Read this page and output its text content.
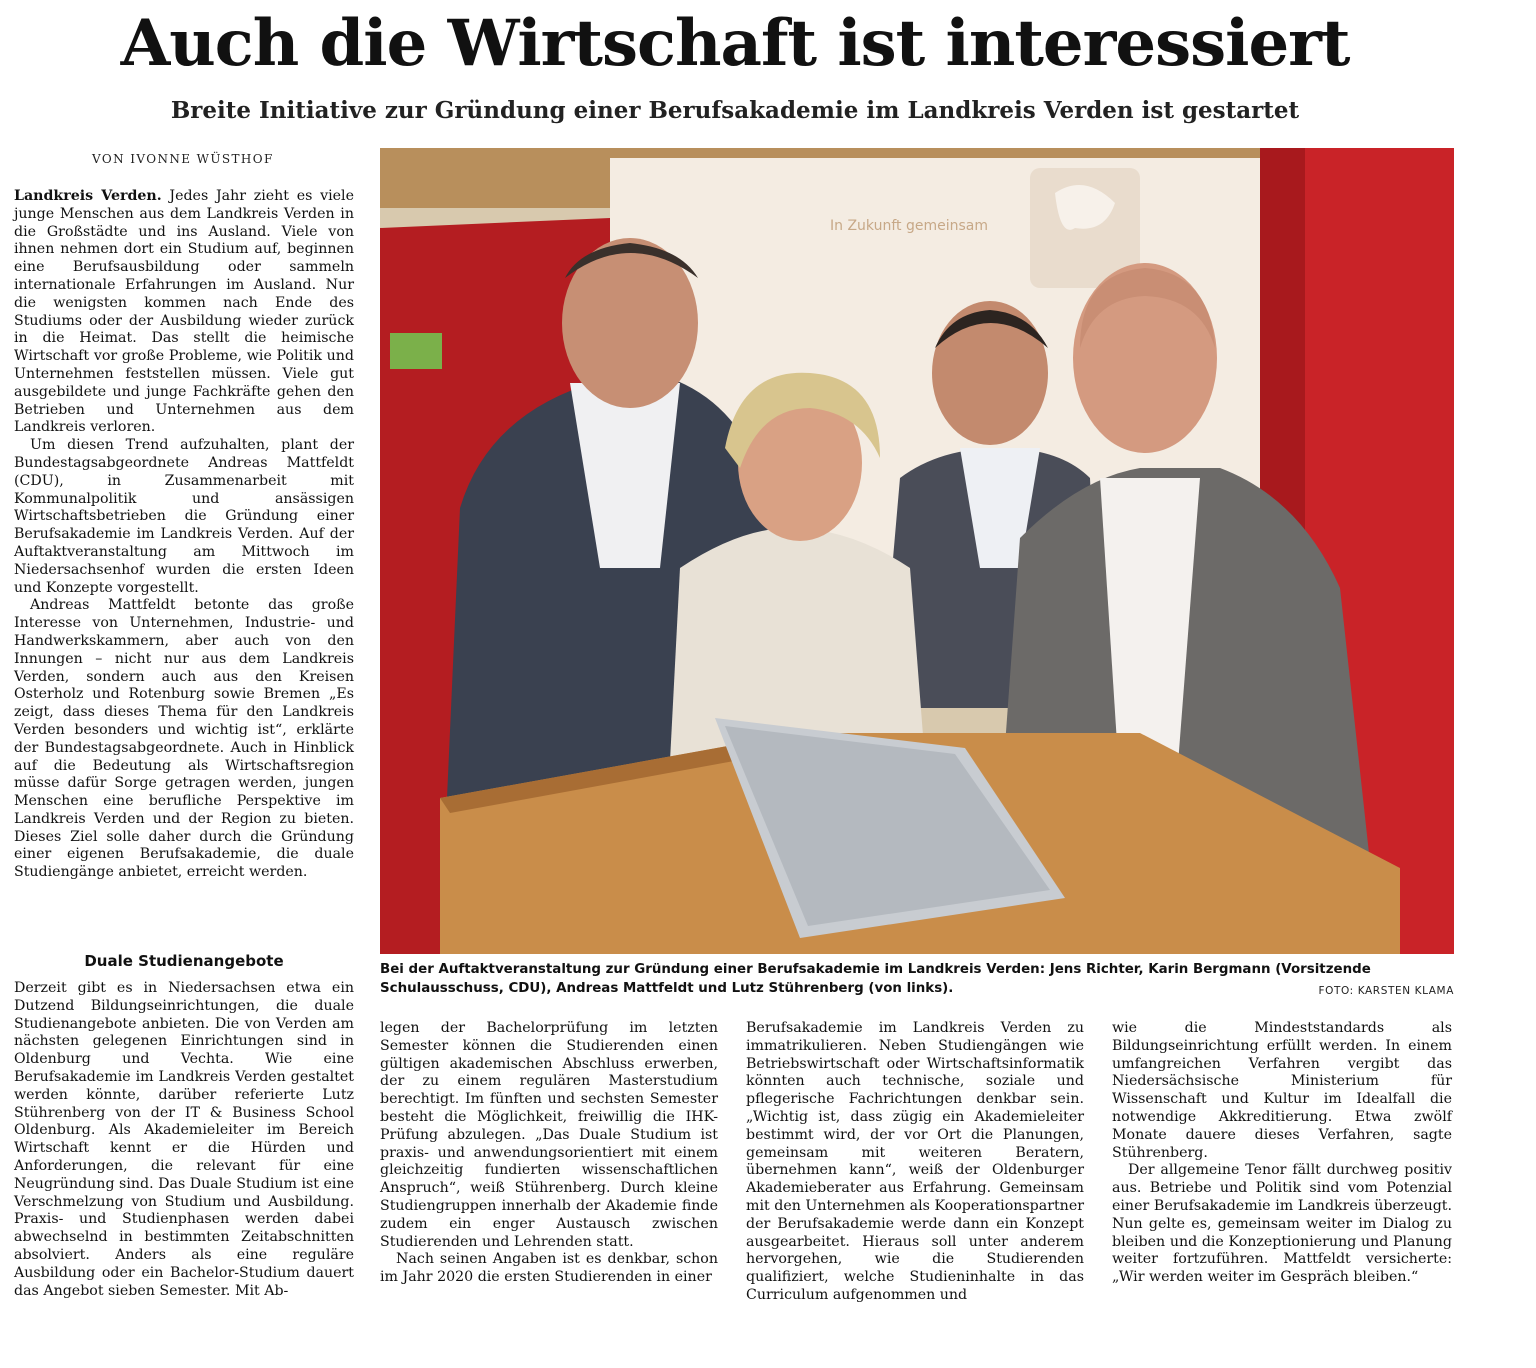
Auch die Wirtschaft ist interessiert
Breite Initiative zur Gründung einer Berufsakademie im Landkreis Verden ist gestartet
VON IVONNE WÜSTHOF

Landkreis Verden. Jedes Jahr zieht es viele junge Menschen aus dem Landkreis Verden in die Großstädte und ins Ausland. Viele von ihnen nehmen dort ein Studium auf, beginnen eine Berufsausbildung oder sammeln internationale Erfahrungen im Ausland. Nur die wenigsten kommen nach Ende des Studiums oder der Ausbildung wieder zurück in die Heimat. Das stellt die heimische Wirtschaft vor große Probleme, wie Politik und Unternehmen feststellen müssen. Viele gut ausgebildete und junge Fachkräfte gehen den Betrieben und Unternehmen aus dem Landkreis verloren.

Um diesen Trend aufzuhalten, plant der Bundestagsabgeordnete Andreas Mattfeldt (CDU), in Zusammenarbeit mit Kommunalpolitik und ansässigen Wirtschaftsbetrieben die Gründung einer Berufsakademie im Landkreis Verden. Auf der Auftaktveranstaltung am Mittwoch im Niedersachsenhof wurden die ersten Ideen und Konzepte vorgestellt.

Andreas Mattfeldt betonte das große Interesse von Unternehmen, Industrie- und Handwerkskammern, aber auch von den Innungen – nicht nur aus dem Landkreis Verden, sondern auch aus den Kreisen Osterholz und Rotenburg sowie Bremen „Es zeigt, dass dieses Thema für den Landkreis Verden besonders und wichtig ist“, erklärte der Bundestagsabgeordnete. Auch in Hinblick auf die Bedeutung als Wirtschaftsregion müsse dafür Sorge getragen werden, jungen Menschen eine berufliche Perspektive im Landkreis Verden und der Region zu bieten. Dieses Ziel solle daher durch die Gründung einer eigenen Berufsakademie, die duale Studiengänge anbietet, erreicht werden.

Duale Studienangebote

Derzeit gibt es in Niedersachsen etwa ein Dutzend Bildungseinrichtungen, die duale Studienangebote anbieten. Die von Verden am nächsten gelegenen Einrichtungen sind in Oldenburg und Vechta. Wie eine Berufsakademie im Landkreis Verden gestaltet werden könnte, darüber referierte Lutz Stührenberg von der IT & Business School Oldenburg. Als Akademieleiter im Bereich Wirtschaft kennt er die Hürden und Anforderungen, die relevant für eine Neugründung sind. Das Duale Studium ist eine Verschmelzung von Studium und Ausbildung. Praxis- und Studienphasen werden dabei abwechselnd in bestimmten Zeitabschnitten absolviert. Anders als eine reguläre Ausbildung oder ein Bachelor-Studium dauert das Angebot sieben Semester. Mit Ab-

In Zukunft gemeinsam
Bei der Auftaktveranstaltung zur Gründung einer Berufsakademie im Landkreis Verden: Jens Richter, Karin Bergmann (Vorsitzende Schulausschuss, CDU), Andreas Mattfeldt und Lutz Stührenberg (von links).	FOTO: KARSTEN KLAMA

legen der Bachelorprüfung im letzten Semester können die Studierenden einen gültigen akademischen Abschluss erwerben, der zu einem regulären Masterstudium berechtigt. Im fünften und sechsten Semester besteht die Möglichkeit, freiwillig die IHK-Prüfung abzulegen. „Das Duale Studium ist praxis- und anwendungsorientiert mit einem gleichzeitig fundierten wissenschaftlichen Anspruch“, weiß Stührenberg. Durch kleine Studiengruppen innerhalb der Akademie finde zudem ein enger Austausch zwischen Studierenden und Lehrenden statt.

Nach seinen Angaben ist es denkbar, schon im Jahr 2020 die ersten Studierenden in einer

Berufsakademie im Landkreis Verden zu immatrikulieren. Neben Studiengängen wie Betriebswirtschaft oder Wirtschaftsinformatik könnten auch technische, soziale und pflegerische Fachrichtungen denkbar sein. „Wichtig ist, dass zügig ein Akademieleiter bestimmt wird, der vor Ort die Planungen, gemeinsam mit weiteren Beratern, übernehmen kann“, weiß der Oldenburger Akademieberater aus Erfahrung. Gemeinsam mit den Unternehmen als Kooperationspartner der Berufsakademie werde dann ein Konzept ausgearbeitet. Hieraus soll unter anderem hervorgehen, wie die Studierenden qualifiziert, welche Studieninhalte in das Curriculum aufgenommen und

wie die Mindeststandards als Bildungseinrichtung erfüllt werden. In einem umfangreichen Verfahren vergibt das Niedersächsische Ministerium für Wissenschaft und Kultur im Idealfall die notwendige Akkreditierung. Etwa zwölf Monate dauere dieses Verfahren, sagte Stührenberg.

Der allgemeine Tenor fällt durchweg positiv aus. Betriebe und Politik sind vom Potenzial einer Berufsakademie im Landkreis überzeugt. Nun gelte es, gemeinsam weiter im Dialog zu bleiben und die Konzeptionierung und Planung weiter fortzuführen. Mattfeldt versicherte: „Wir werden weiter im Gespräch bleiben.“
